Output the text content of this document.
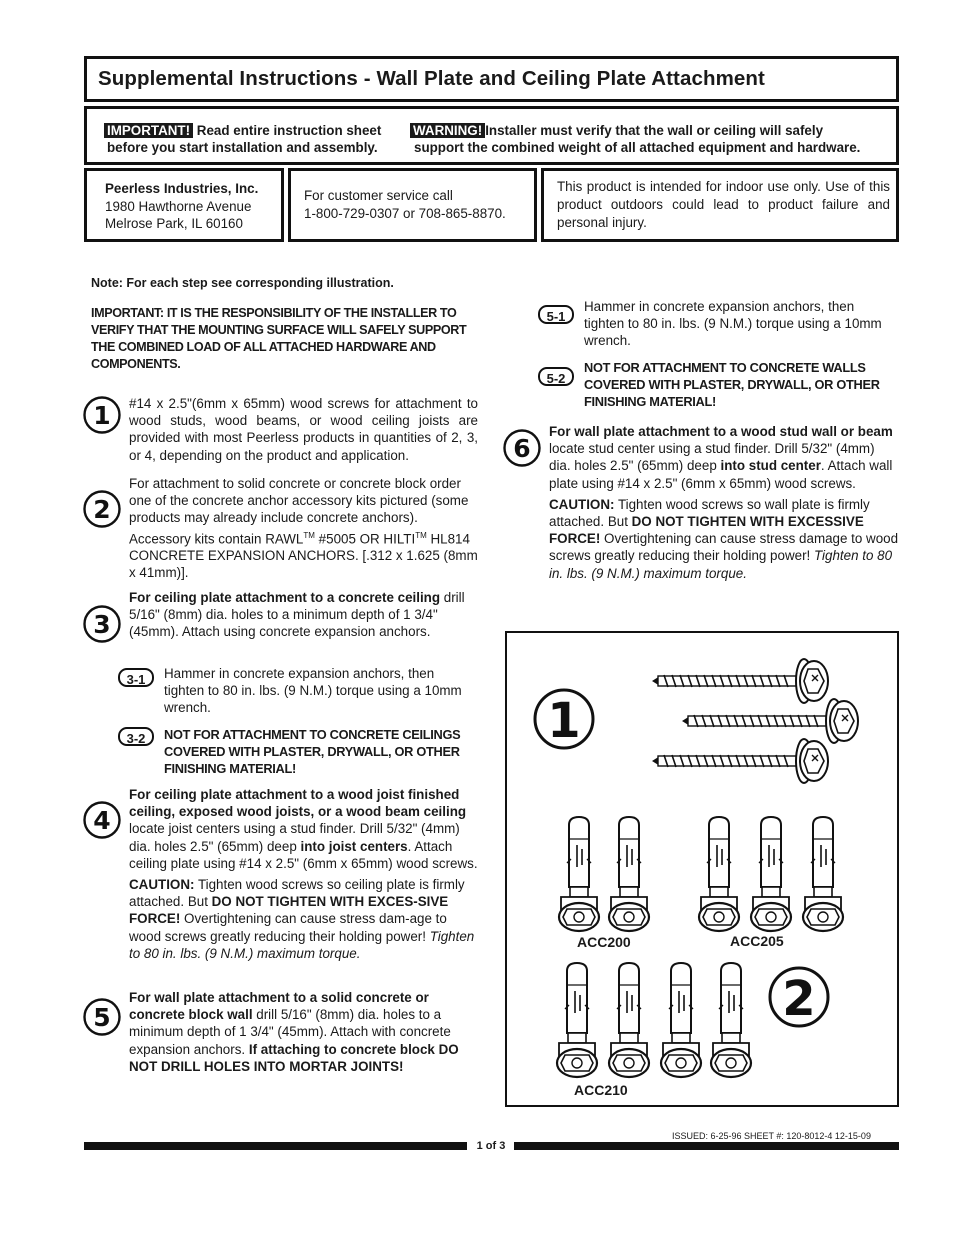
Supplemental Instructions - Wall Plate and Ceiling Plate Attachment
IMPORTANT! Read entire instruction sheet
before you start installation and assembly.
WARNING! Installer must verify that the wall or ceiling will safely
support the combined weight of all attached equipment and hardware.
Peerless Industries, Inc.
1980 Hawthorne Avenue
Melrose Park, IL 60160
For customer service call
1-800-729-0307 or 708-865-8870.
This product is intended for indoor use only. Use of this product outdoors could lead to product failure and personal injury.
Note: For each step see corresponding illustration.
IMPORTANT: IT IS THE RESPONSIBILITY OF THE INSTALLER TO VERIFY THAT THE MOUNTING SURFACE WILL SAFELY SUPPORT THE COMBINED LOAD OF ALL ATTACHED HARDWARE AND COMPONENTS.
1 #14 x 2.5"(6mm x 65mm) wood screws for attachment to wood studs, wood beams, or wood ceiling joists are provided with most Peerless products in quantities of 2, 3, or 4, depending on the product and application.
2
For attachment to solid concrete or concrete block order one of the concrete anchor accessory kits pictured (some products may already include concrete anchors). Accessory kits contain RAWL™ #5005 OR HILTI™ HL814 CONCRETE EXPANSION ANCHORS. [.312 x 1.625 (8mm x 41mm)].
3
For ceiling plate attachment to a concrete ceiling drill 5/16" (8mm) dia. holes to a minimum depth of 1 3/4" (45mm). Attach using concrete expansion anchors.
3-1	Hammer in concrete expansion anchors, then tighten to 80 in. lbs. (9 N.M.) torque using a 10mm wrench.
3-2	NOT FOR ATTACHMENT TO CONCRETE CEILINGS COVERED WITH PLASTER, DRYWALL, OR OTHER FINISHING MATERIAL!
4
For ceiling plate attachment to a wood joist finished ceiling, exposed wood joists, or a wood beam ceiling locate joist centers using a stud finder. Drill 5/32" (4mm) dia. holes 2.5" (65mm) deep into joist centers. Attach ceiling plate using #14 x 2.5" (6mm x 65mm) wood screws.
CAUTION: Tighten wood screws so ceiling plate is firmly attached. But DO NOT TIGHTEN WITH EXCES-SIVE FORCE! Overtightening can cause stress dam-age to wood screws greatly reducing their holding power! Tighten to 80 in. lbs. (9 N.M.) maximum torque.
5
For wall plate attachment to a solid concrete or concrete block wall drill 5/16" (8mm) dia. holes to a minimum depth of 1 3/4" (45mm). Attach with concrete expansion anchors. If attaching to concrete block DO NOT DRILL HOLES INTO MORTAR JOINTS!
5-1
Hammer in concrete expansion anchors, then tighten to 80 in. lbs. (9 N.M.) torque using a 10mm wrench.
5-2
NOT FOR ATTACHMENT TO CONCRETE WALLS COVERED WITH PLASTER, DRYWALL, OR OTHER FINISHING MATERIAL!
6
For wall plate attachment to a wood stud wall or beam locate stud center using a stud finder. Drill 5/32" (4mm) dia. holes 2.5" (65mm) deep into stud center. Attach wall plate using #14 x 2.5" (6mm x 65mm) wood screws.
CAUTION: Tighten wood screws so wall plate is firmly attached. But DO NOT TIGHTEN WITH EXCESSIVE FORCE! Overtightening can cause stress damage to wood screws greatly reducing their holding power! Tighten to 80 in. lbs. (9 N.M.) maximum torque.
1
2
ACC200	ACC205
ACC210
ISSUED: 6-25-96 SHEET #: 120-8012-4 12-15-09
1 of 3
